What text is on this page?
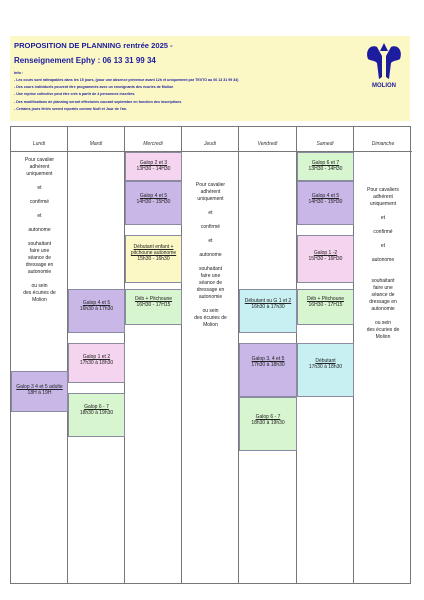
PROPOSITION DE PLANNING rentrée 2025 -
Renseignement Ephy : 06 13 31 99 34
Info :
- Les cours sont rattrapables dans les 15 jours, (pour une absence prévenue avant 12h et uniquement par TEXTO au 06 13 31 99 34)
- Des cours individuels peuvent être programmés avec un enseignants des écuries de Molion
- Une reprise collective peut être crée à partir de 4 personnes inscrites.
- Des modifications de planning seront effectuées courant septembre en fonction des inscriptions
- Certains jours fériés seront reportés comme Noël et Jour de l'an.
MOLION
Lundi
Pour cavalier
adhérent
uniquement

et

confirmé

et

autonome

souhaitant
faire une
séance de
dressage en
autonomie

ou sein
des écuries de
Molion
Galop 3 4 et 5 adulte
18H à 19H
Mardi
Galop 4 et 5
16h30 à 17h30
Galop 1 et 2
17h30 à 18h30
Galop 6 - 7
18h30 à 19h30
Mercredi
Galop 2 et 3
13H30 - 14H30
Galop 4 et 5
14H30 - 15H30
Débutant enfant + pitchoune autonome
15h30 - 16h30
Déb + Pitchoune
16H30 - 17H15
Jeudi
Pour cavalier
adhérent
uniquement

et

confirmé

et

autonome

souhaitant
faire une
séance de
dressage en
autonomie

ou sein
des écuries de
Molion
Vendredi
Débutant ou G 1 et 2
16h30 à 17h30
Galop 3, 4 et 5
17h30 à 18h30
Galop 6 - 7
18h30 à 19h30
Samedi
Galop 6 et 7
13H30 - 14H30
Galop 4 et 5
14H30 - 15H30
Galop 1 -2
15H30 - 16H30
Déb + Pitchoune
16H30 - 17H15
Débutant
17h30 à 18h30
Dimanche
Pour cavaliers
adhérent
uniquement

et

confirmé

et

autonome

souhaitant
faire une
séance de
dressage en
autonomie

ou sein
des écuries de
Molion
